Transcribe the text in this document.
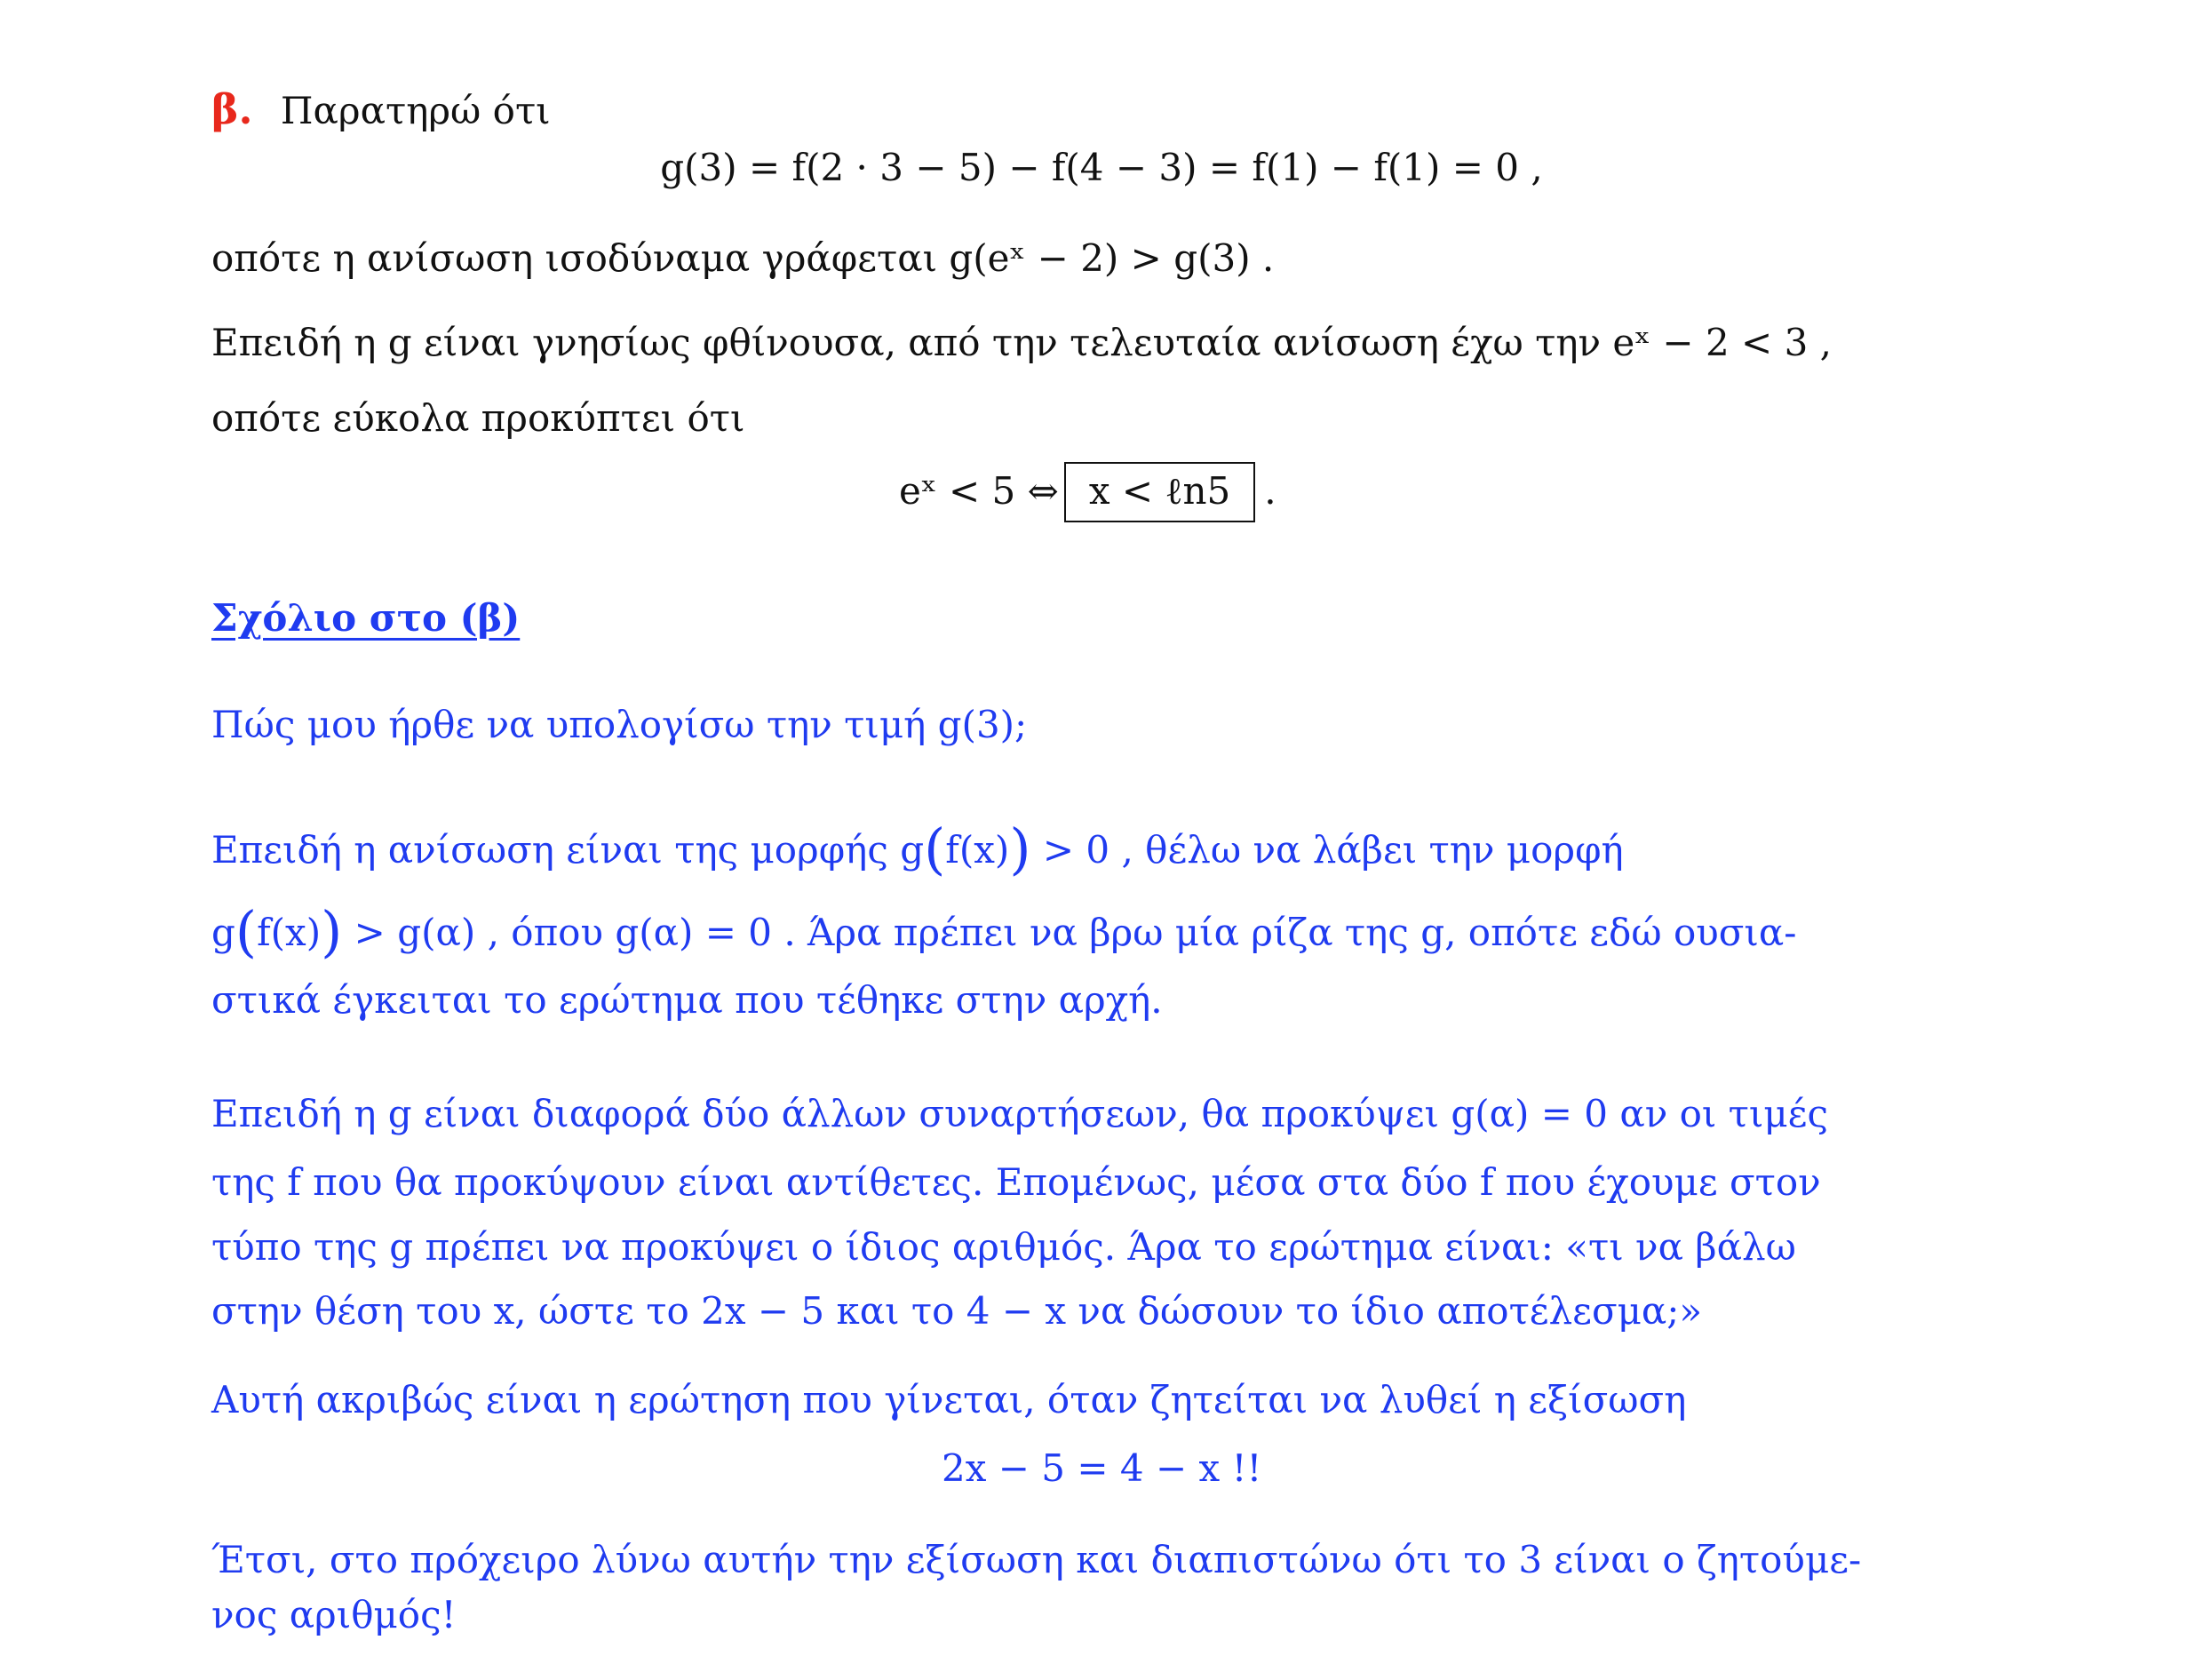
β. Παρατηρώ ότι
g(3) = f(2 · 3 − 5) − f(4 − 3) = f(1) − f(1) = 0 ,
οπότε η ανίσωση ισοδύναμα γράφεται g(eˣ − 2) > g(3) .
Επειδή η g είναι γνησίως φθίνουσα, από την τελευταία ανίσωση έχω την eˣ − 2 < 3 ,
οπότε εύκολα προκύπτει ότι
eˣ < 5 ⇔ x < ℓn5 .
Σχόλιο στο (β)
Πώς μου ήρθε να υπολογίσω την τιμή g(3);
Επειδή η ανίσωση είναι της μορφής g(f(x)) > 0 , θέλω να λάβει την μορφή
g(f(x)) > g(α) , όπου g(α) = 0 . Άρα πρέπει να βρω μία ρίζα της g, οπότε εδώ ουσια-
στικά έγκειται το ερώτημα που τέθηκε στην αρχή.
Επειδή η g είναι διαφορά δύο άλλων συναρτήσεων, θα προκύψει g(α) = 0 αν οι τιμές
της f που θα προκύψουν είναι αντίθετες. Επομένως, μέσα στα δύο f που έχουμε στον
τύπο της g πρέπει να προκύψει ο ίδιος αριθμός. Άρα το ερώτημα είναι: «τι να βάλω
στην θέση του x, ώστε το 2x − 5 και το 4 − x να δώσουν το ίδιο αποτέλεσμα;»
Αυτή ακριβώς είναι η ερώτηση που γίνεται, όταν ζητείται να λυθεί η εξίσωση
2x − 5 = 4 − x !!
Έτσι, στο πρόχειρο λύνω αυτήν την εξίσωση και διαπιστώνω ότι το 3 είναι ο ζητούμε-
νος αριθμός!
